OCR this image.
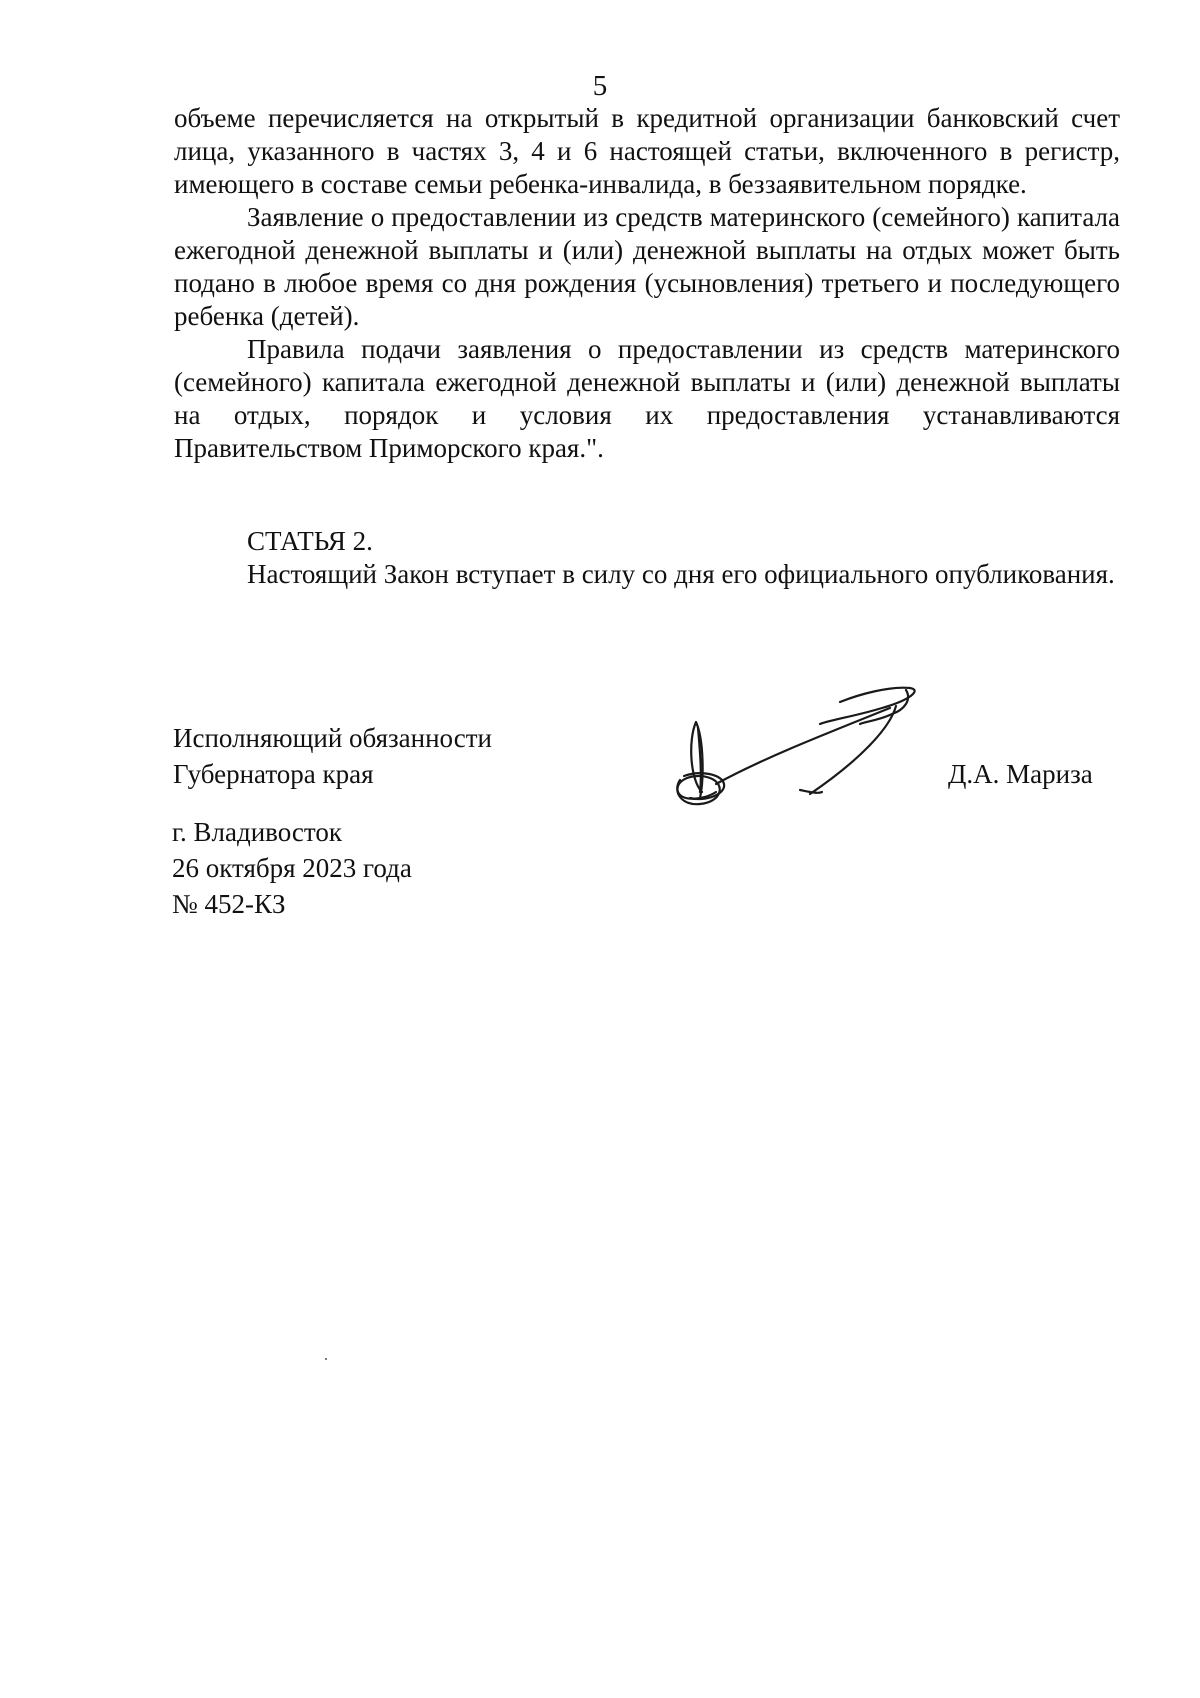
5

объеме перечисляется на открытый в кредитной организации банковский счет лица, указанного в частях 3, 4 и 6 настоящей статьи, включенного в регистр, имеющего в составе семьи ребенка-инвалида, в беззаявительном порядке.

Заявление о предоставлении из средств материнского (семейного) капитала ежегодной денежной выплаты и (или) денежной выплаты на отдых может быть подано в любое время со дня рождения (усыновления) третьего и последующего ребенка (детей).

Правила подачи заявления о предоставлении из средств материнского (семейного) капитала ежегодной денежной выплаты и (или) денежной выплаты на отдых, порядок и условия их предоставления устанавливаются Правительством Приморского края.".

СТАТЬЯ 2.

Настоящий Закон вступает в силу со дня его официального опубликования.

Исполняющий обязанности
Губернатора края	Д.А. Мариза
г. Владивосток
26 октября 2023 года
№ 452-КЗ
